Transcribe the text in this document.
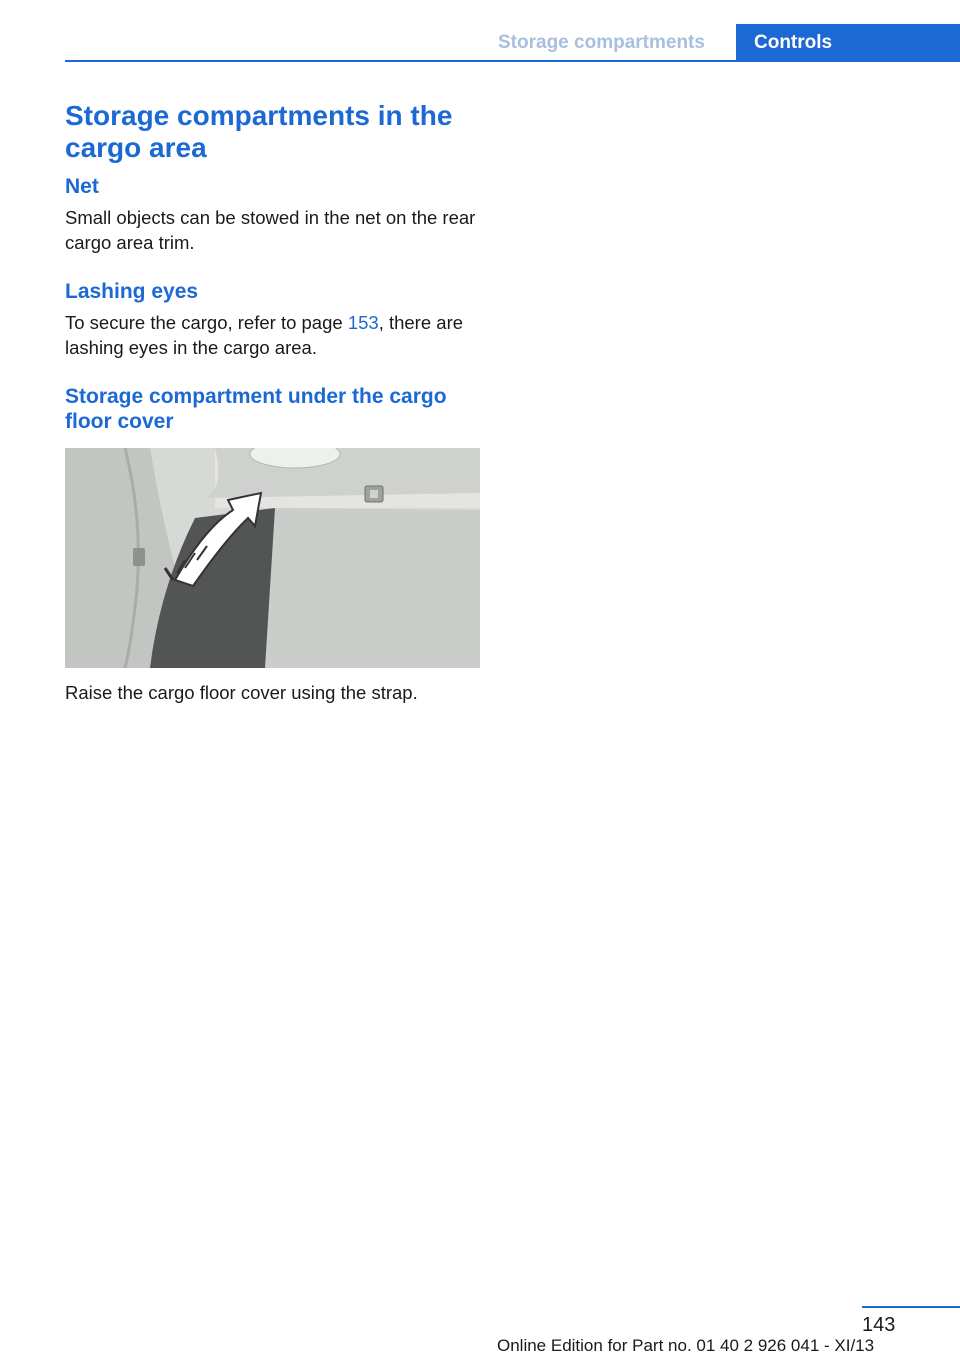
Storage compartments	Controls
Storage compartments in the cargo area
Net

Small objects can be stowed in the net on the rear cargo area trim.

Lashing eyes

To secure the cargo, refer to page 153, there are lashing eyes in the cargo area.

Storage compartment under the cargo floor cover

Raise the cargo floor cover using the strap.

143
Online Edition for Part no. 01 40 2 926 041 - XI/13
